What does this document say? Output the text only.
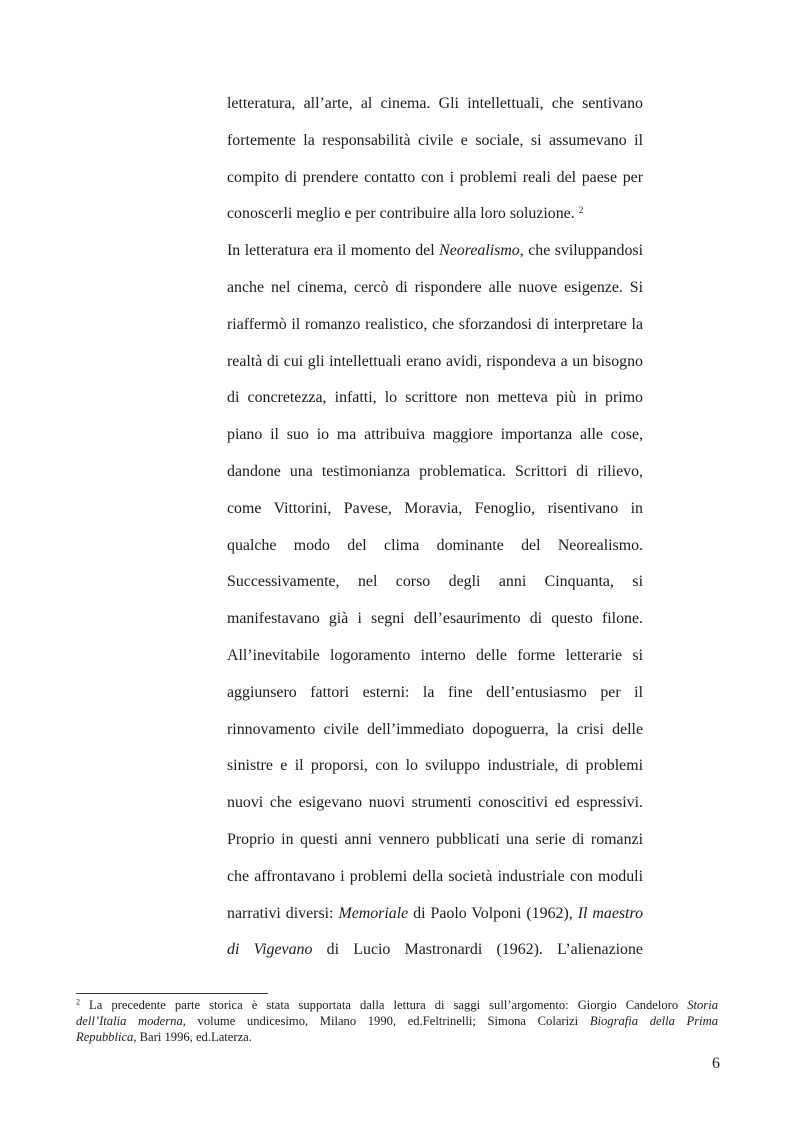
letteratura, all’arte, al cinema. Gli intellettuali, che sentivano
fortemente la responsabilità civile e sociale, si assumevano il
compito di prendere contatto con i problemi reali del paese per
conoscerli meglio e per contribuire alla loro soluzione. $^2$
In letteratura era il momento del Neorealismo, che sviluppandosi
anche nel cinema, cercò di rispondere alle nuove esigenze. Si
riaffermò il romanzo realistico, che sforzandosi di interpretare la
realtà di cui gli intellettuali erano avidi, rispondeva a un bisogno
di concretezza, infatti, lo scrittore non metteva più in primo
piano il suo io ma attribuiva maggiore importanza alle cose,
dandone una testimonianza problematica. Scrittori di rilievo,
come Vittorini, Pavese, Moravia, Fenoglio, risentivano in
qualche modo del clima dominante del Neorealismo.
Successivamente, nel corso degli anni Cinquanta, si
manifestavano già i segni dell’esaurimento di questo filone.
All’inevitabile logoramento interno delle forme letterarie si
aggiunsero fattori esterni: la fine dell’entusiasmo per il
rinnovamento civile dell’immediato dopoguerra, la crisi delle
sinistre e il proporsi, con lo sviluppo industriale, di problemi
nuovi che esigevano nuovi strumenti conoscitivi ed espressivi.
Proprio in questi anni vennero pubblicati una serie di romanzi
che affrontavano i problemi della società industriale con moduli
narrativi diversi: Memoriale di Paolo Volponi (1962), Il maestro
di Vigevano di Lucio Mastronardi (1962). L’alienazione
$^2$ La precedente parte storica è stata supportata dalla lettura di saggi sull’argomento: Giorgio Candeloro Storia
dell’Italia moderna, volume undicesimo, Milano 1990, ed.Feltrinelli; Simona Colarizi Biografia della Prima
Repubblica, Bari 1996, ed.Laterza.
6
